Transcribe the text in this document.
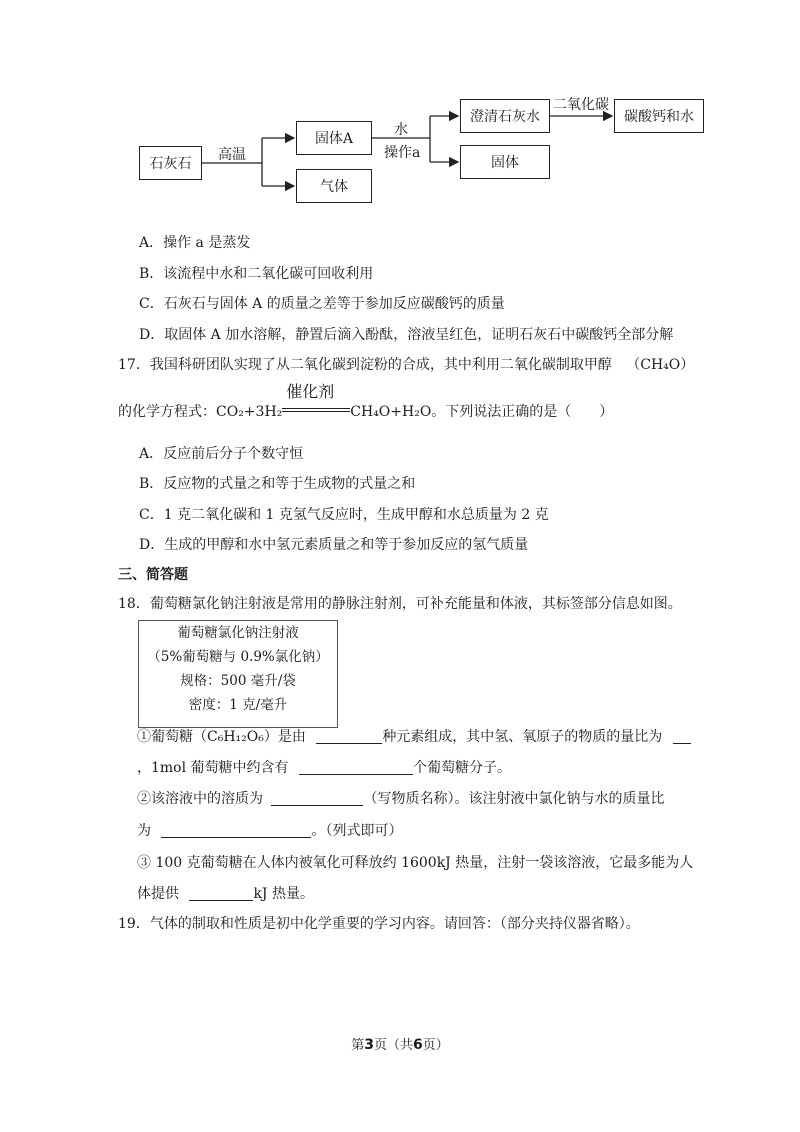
石灰石
高温
固体A
气体
水
操作a
澄清石灰水
固体
二氧化碳
碳酸钙和水
A．操作 a 是蒸发
B．该流程中水和二氧化碳可回收利用
C．石灰石与固体 A 的质量之差等于参加反应碳酸钙的质量
D．取固体 A 加水溶解，静置后滴入酚酞，溶液呈红色，证明石灰石中碳酸钙全部分解
17．我国科研团队实现了从二氧化碳到淀粉的合成，其中利用二氧化碳制取甲醇 （CH₄O）
的化学方程式：CO₂+3H₂
催化剂
CH₄O+H₂O。下列说法正确的是（　　）
A．反应前后分子个数守恒
B．反应物的式量之和等于生成物的式量之和
C．1 克二氧化碳和 1 克氢气反应时，生成甲醇和水总质量为 2 克
D．生成的甲醇和水中氢元素质量之和等于参加反应的氢气质量
三、简答题
18．葡萄糖氯化钠注射液是常用的静脉注射剂，可补充能量和体液，其标签部分信息如图。
葡萄糖氯化钠注射液
（5%葡萄糖与 0.9%氯化钠）
规格：500 毫升/袋
密度：1 克/毫升
①葡萄糖（C₆H₁₂O₆）是由	种元素组成，其中氢、氧原子的物质的量比为
，1mol 葡萄糖中约含有	个葡萄糖分子。
②该溶液中的溶质为	（写物质名称）。该注射液中氯化钠与水的质量比
为	。（列式即可）
③ 100 克葡萄糖在人体内被氧化可释放约 1600kJ 热量，注射一袋该溶液，它最多能为人
体提供	kJ 热量。
19．气体的制取和性质是初中化学重要的学习内容。请回答：（部分夹持仪器省略）。
第3页（共6页）
